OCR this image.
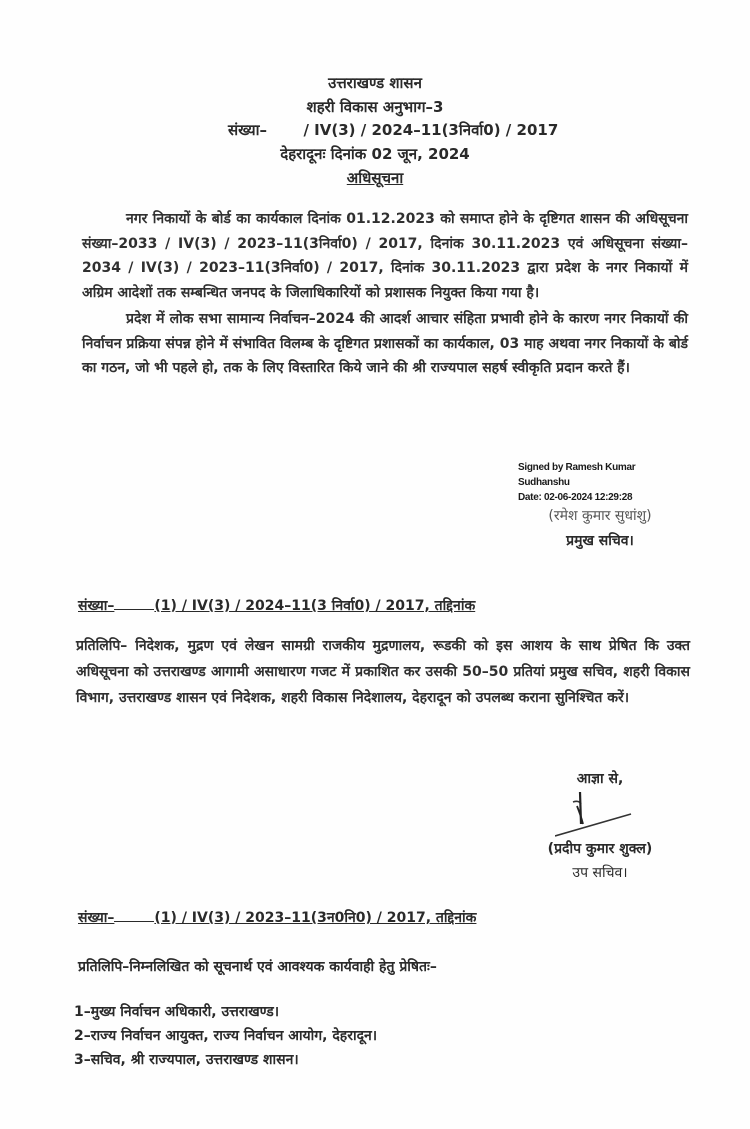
उत्तराखण्ड शासन
शहरी विकास अनुभाग–3
संख्या– / IV(3) / 2024–11(3निर्वा0) / 2017
देहरादूनः दिनांक 02 जून, 2024
अधिसूचना

नगर निकायों के बोर्ड का कार्यकाल दिनांक 01.12.2023 को समाप्त होने के दृष्टिगत शासन की अधिसूचना संख्या–2033 / IV(3) / 2023–11(3निर्वा0) / 2017, दिनांक 30.11.2023 एवं अधिसूचना संख्या–2034 / IV(3) / 2023–11(3निर्वा0) / 2017, दिनांक 30.11.2023 द्वारा प्रदेश के नगर निकायों में अग्रिम आदेशों तक सम्बन्धित जनपद के जिलाधिकारियों को प्रशासक नियुक्त किया गया है।

प्रदेश में लोक सभा सामान्य निर्वाचन–2024 की आदर्श आचार संहिता प्रभावी होने के कारण नगर निकायों की निर्वाचन प्रक्रिया संपन्न होने में संभावित विलम्ब के दृष्टिगत प्रशासकों का कार्यकाल, 03 माह अथवा नगर निकायों के बोर्ड का गठन, जो भी पहले हो, तक के लिए विस्तारित किये जाने की श्री राज्यपाल सहर्ष स्वीकृति प्रदान करते हैं।

Signed by Ramesh Kumar
Sudhanshu
Date: 02-06-2024 12:29:28
(रमेश कुमार सुधांशु)
प्रमुख सचिव।
संख्या–	(1) / IV(3) / 2024–11(3 निर्वा0) / 2017, तद्दिनांक
प्रतिलिपि– निदेशक, मुद्रण एवं लेखन सामग्री राजकीय मुद्रणालय, रूडकी को इस आशय के साथ प्रेषित कि उक्त अधिसूचना को उत्तराखण्ड आगामी असाधारण गजट में प्रकाशित कर उसकी 50–50 प्रतियां प्रमुख सचिव, शहरी विकास विभाग, उत्तराखण्ड शासन एवं निदेशक, शहरी विकास निदेशालय, देहरादून को उपलब्ध कराना सुनिश्चित करें।
आज्ञा से,
(प्रदीप कुमार शुक्ल)
उप सचिव।
संख्या–	(1) / IV(3) / 2023–11(3न0नि0) / 2017, तद्दिनांक
प्रतिलिपि–निम्नलिखित को सूचनार्थ एवं आवश्यक कार्यवाही हेतु प्रेषितः–
1–मुख्य निर्वाचन अधिकारी, उत्तराखण्ड।
2–राज्य निर्वाचन आयुक्त, राज्य निर्वाचन आयोग, देहरादून।
3–सचिव, श्री राज्यपाल, उत्तराखण्ड शासन।
